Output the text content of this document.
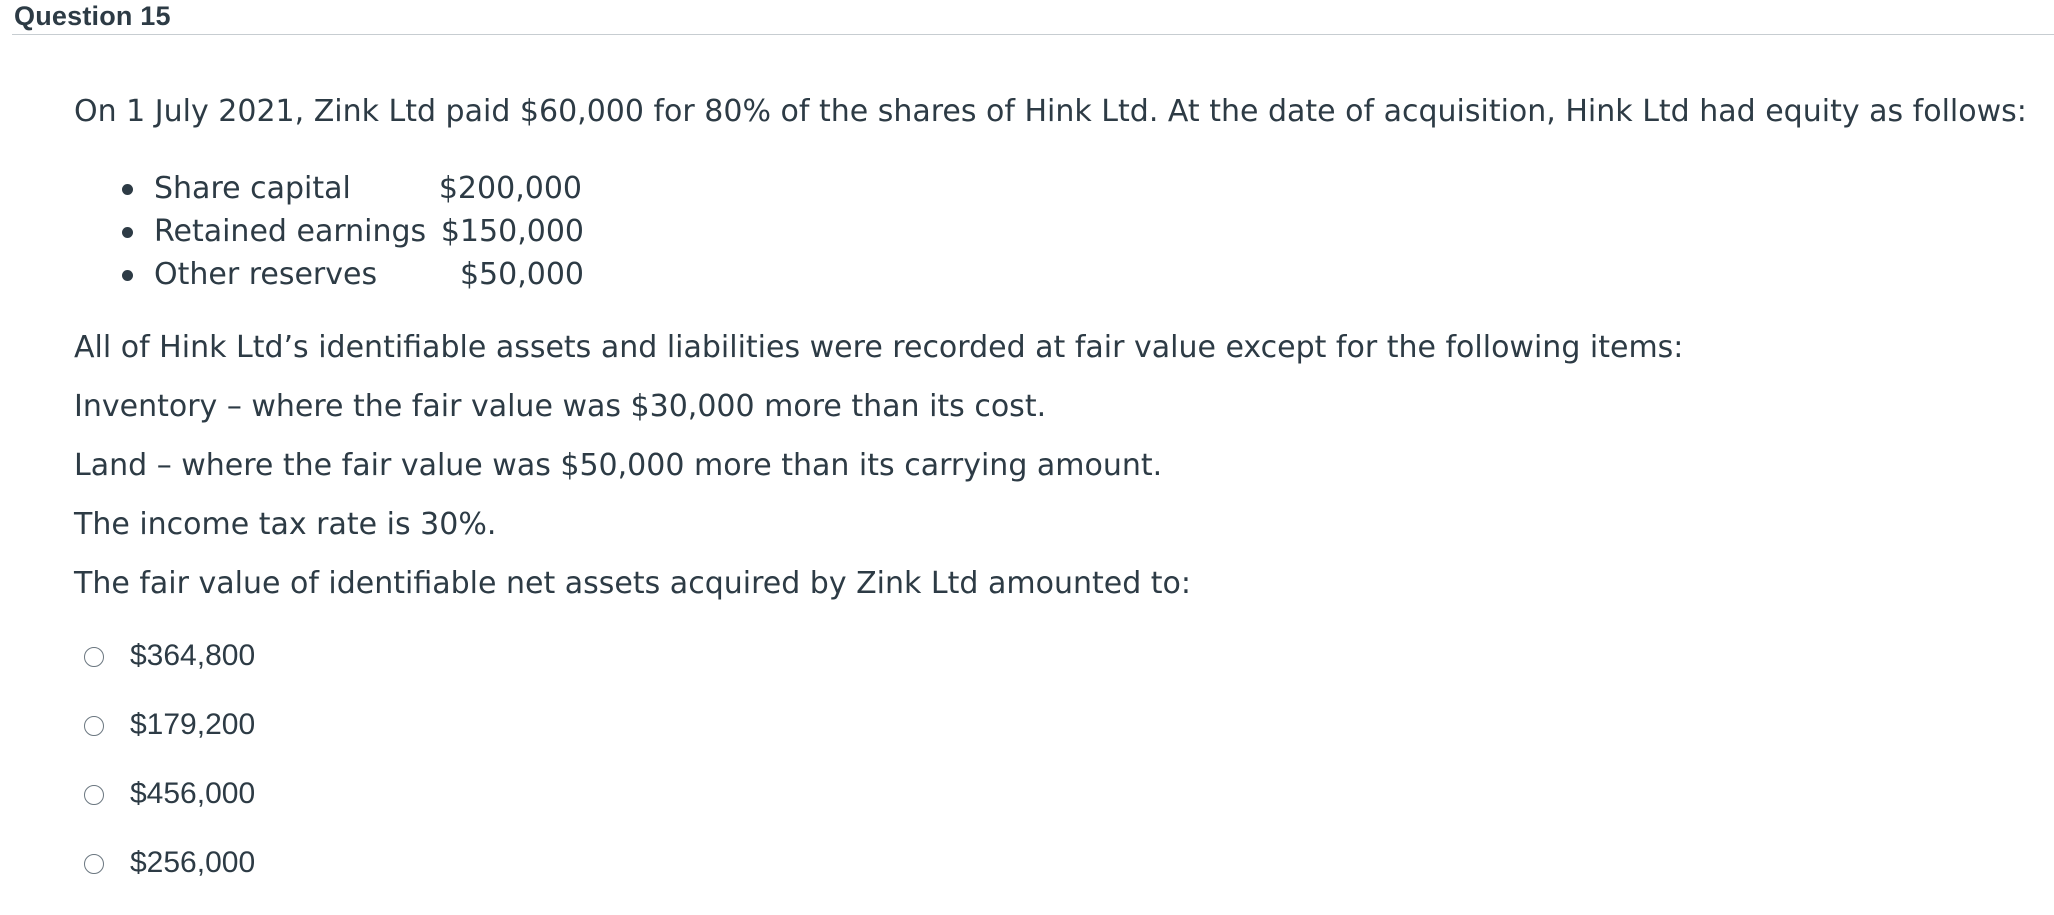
Question 15

On 1 July 2021, Zink Ltd paid $60,000 for 80% of the shares of Hink Ltd. At the date of acquisition, Hink Ltd had equity as follows:

Share capital	$200,000
Retained earnings $150,000
Other reserves	$50,000

All of Hink Ltd’s identifiable assets and liabilities were recorded at fair value except for the following items:

Inventory – where the fair value was $30,000 more than its cost.

Land – where the fair value was $50,000 more than its carrying amount.

The income tax rate is 30%.

The fair value of identifiable net assets acquired by Zink Ltd amounted to:

$364,800
$179,200
$456,000
$256,000
